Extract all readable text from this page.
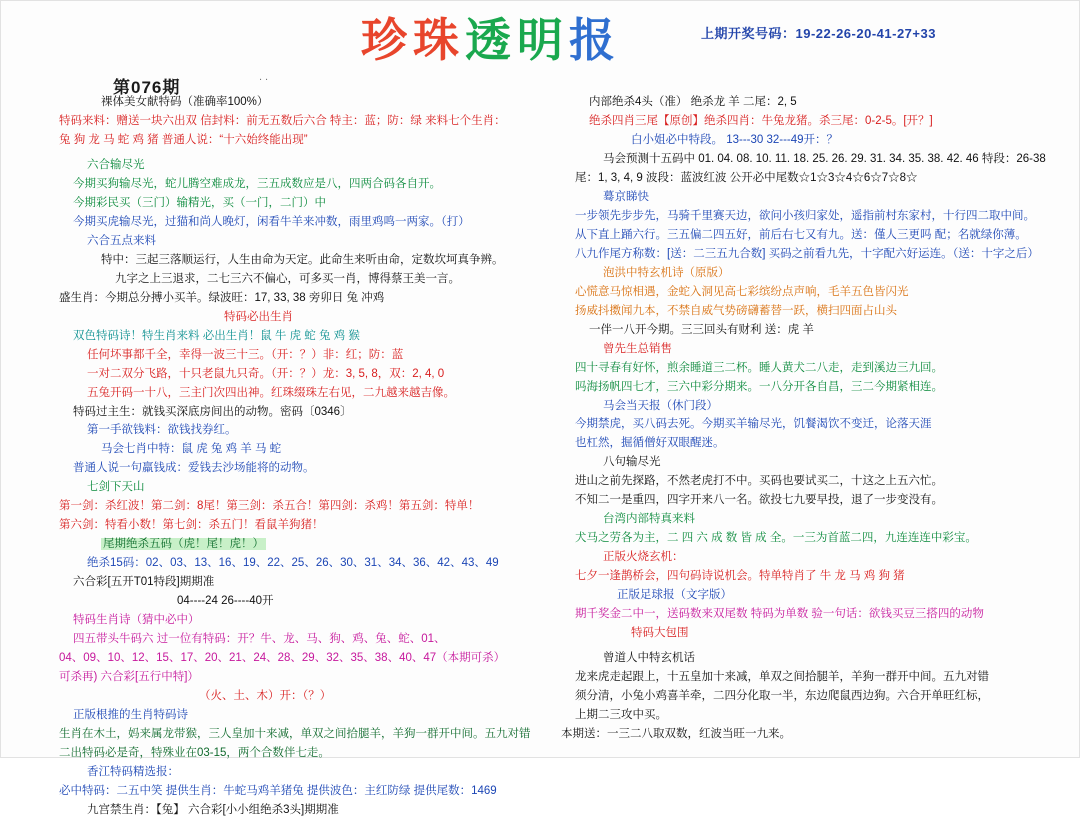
珍珠透明报	上期开奖号码：19-22-26-20-41-27+33
第076期
..
裸体美女献特码（准确率100%）
特码来料：赠送一块六出双 信封料：前无五数后六合 特主：蓝；防：绿 来料七个生肖：
兔 狗 龙 马 蛇 鸡 猪 普通人说：“十六始终能出现”
六合输尽光
今期买狗输尽光，蛇儿腾空难成龙，三五成数应是八，四两合码各自开。
今期彩民买（三门）输精光，买（一门，二门）中
今期买虎输尽光，过猫和尚人晚灯，闲看牛羊来冲数，雨里鸡鸣一两家。（打）
六合五点来料
特中：三起三落顺运行，人生由命为天定。此命生来听由命，定数坎坷真争辨。
九字之上三退求，二七三六不偏心，可多买一肖，博得蔡王美一言。
盛生肖：今期总分搏小买羊。绿波旺：17, 33, 38 旁卯日 兔 冲鸡
特码必出生肖
双色特码诗！特生肖来料 必出生肖！鼠 牛 虎 蛇 兔 鸡 猴
任何坏事都千全，幸得一波三十三。（开：？）非：红；防：蓝
一对二双分飞路，十只老鼠九只奇。（开：？）龙：3, 5, 8，双：2, 4, 0
五兔开码一十八，三主门次四出神。红珠缀珠左右见，二九越来越吉像。
特码过主生：就钱买深底房间出的动物。密码〔0346〕
第一手欲钱料：欲钱找券红。
马会七肖中特：鼠 虎 兔 鸡 羊 马 蛇
普通人说一句羸钱成：爱钱去沙场能将的动物。
七剑下天山
第一剑：杀红波！第二剑：8尾！第三剑：杀五合！第四剑：杀鸡！第五剑：特单！
第六剑：特看小数！第七剑：杀五门！看鼠羊狗猪！
尾期绝杀五码（虎！尾！虎！）
绝杀15码：02、03、13、16、19、22、25、26、30、31、34、36、42、43、49
六合彩[五开T01特段]期期准
04----24 26----40开
特码生肖诗（猜中必中）
四五带头牛码六 过一位有特码：开？牛、龙、马、狗、鸡、兔、蛇、01、
04、09、10、12、15、17、20、21、24、28、29、32、35、38、40、47（本期可杀）
可杀再) 六合彩[五行中特]）
（火、土、木）开：（？）
正版根推的生肖特码诗
生肖在木土，妈来属龙带猴，三人皇加十来减，单双之间拾腿羊，羊狗一群开中间。五九对错
二出特码必是奇，特殊业在03-15，两个合数伴七走。
香江特码精选报：
必中特码：二五中笑 提供生肖：牛蛇马鸡羊猪兔 提供波色：主红防绿 提供尾数：1469
九宫禁生肖：【兔】 六合彩[小小组绝杀3头]期期准
内部绝杀4头（准） 绝杀龙 羊 二尾：2, 5
绝杀四肖三尾【原创】绝杀四肖：牛兔龙猪。杀三尾：0-2-5。[开？]
白小姐必中特段。 13---30 32---49开：？
马会预测十五码中 01. 04. 08. 10. 11. 18. 25. 26. 29. 31. 34. 35. 38. 42. 46 特段：26-38
尾：1, 3, 4, 9 波段：蓝波红波 公开必中尾数☆1☆3☆4☆6☆7☆8☆
蓦京睇快
一步领先步步先，马骑千里赛天边，欲问小孩归家处，遥指前村东家村，十行四二取中间。
从下直上踊六行。三五偏二四五好，前后右七又有九。送：僅人三更吗 配；名就绿你薄。
八九作尾方称数：[送：二三五九合数] 买码之前看九先，十字配六好运连。（送：十字之后）
泡洪中特玄机诗（原版）
心慌意马惊相遇，金蛇入洞见高七彩缤纷点声响，毛羊五色皆闪光
扬威抖擞闻九本，不禁自威气势磅礴蓄替一跃，横扫四面占山头
一伴一八开今期。三三回头有财利 送：虎 羊
曾先生总销售
四十寻春有好怀，煎余睡道三二杯。睡人黄犬二八走，走到溪边三九回。
吗海扬帆四七才，三六中彩分期来。一八分开各自昌，三二今期紧相连。
马会当天报（休门段）
今期禁虎，买八码去死。今期买羊输尽光，饥餐渴饮不变迁，论落天涯
也杠然，掘循僧好双眼醒迷。
八句输尽光
进山之前先探路，不然老虎打不中。买码也要试买二，十这之上五六忙。
不知二一是重四，四字开来八一名。欲投七九要早投，退了一步变没有。
台湾内部特真来料
犬马之劳各为主，二 四 六 成 数 皆 成 全。一三为首蓝二四，九连连连中彩宝。
正版火烧玄机：
七夕一逢鹊桥会，四句码诗说机会。特单特肖了 牛 龙 马 鸡 狗 猪
正版足球报（文字版）
期千奖金二中一，送码数来双尾数 特码为单数 验一句话：欲钱买豆三搭四的动物
特码大包围
曾道人中特玄机话
龙来虎走起跟上，十五皇加十来减，单双之间拾腿羊，羊狗一群开中间。五九对错
须分清，小兔小鸡喜羊牵，二四分化取一半，东边爬鼠西边狗。六合开单旺红标，
上期二三攻中买。
本期送：一三二八取双数，红波当旺一九来。
